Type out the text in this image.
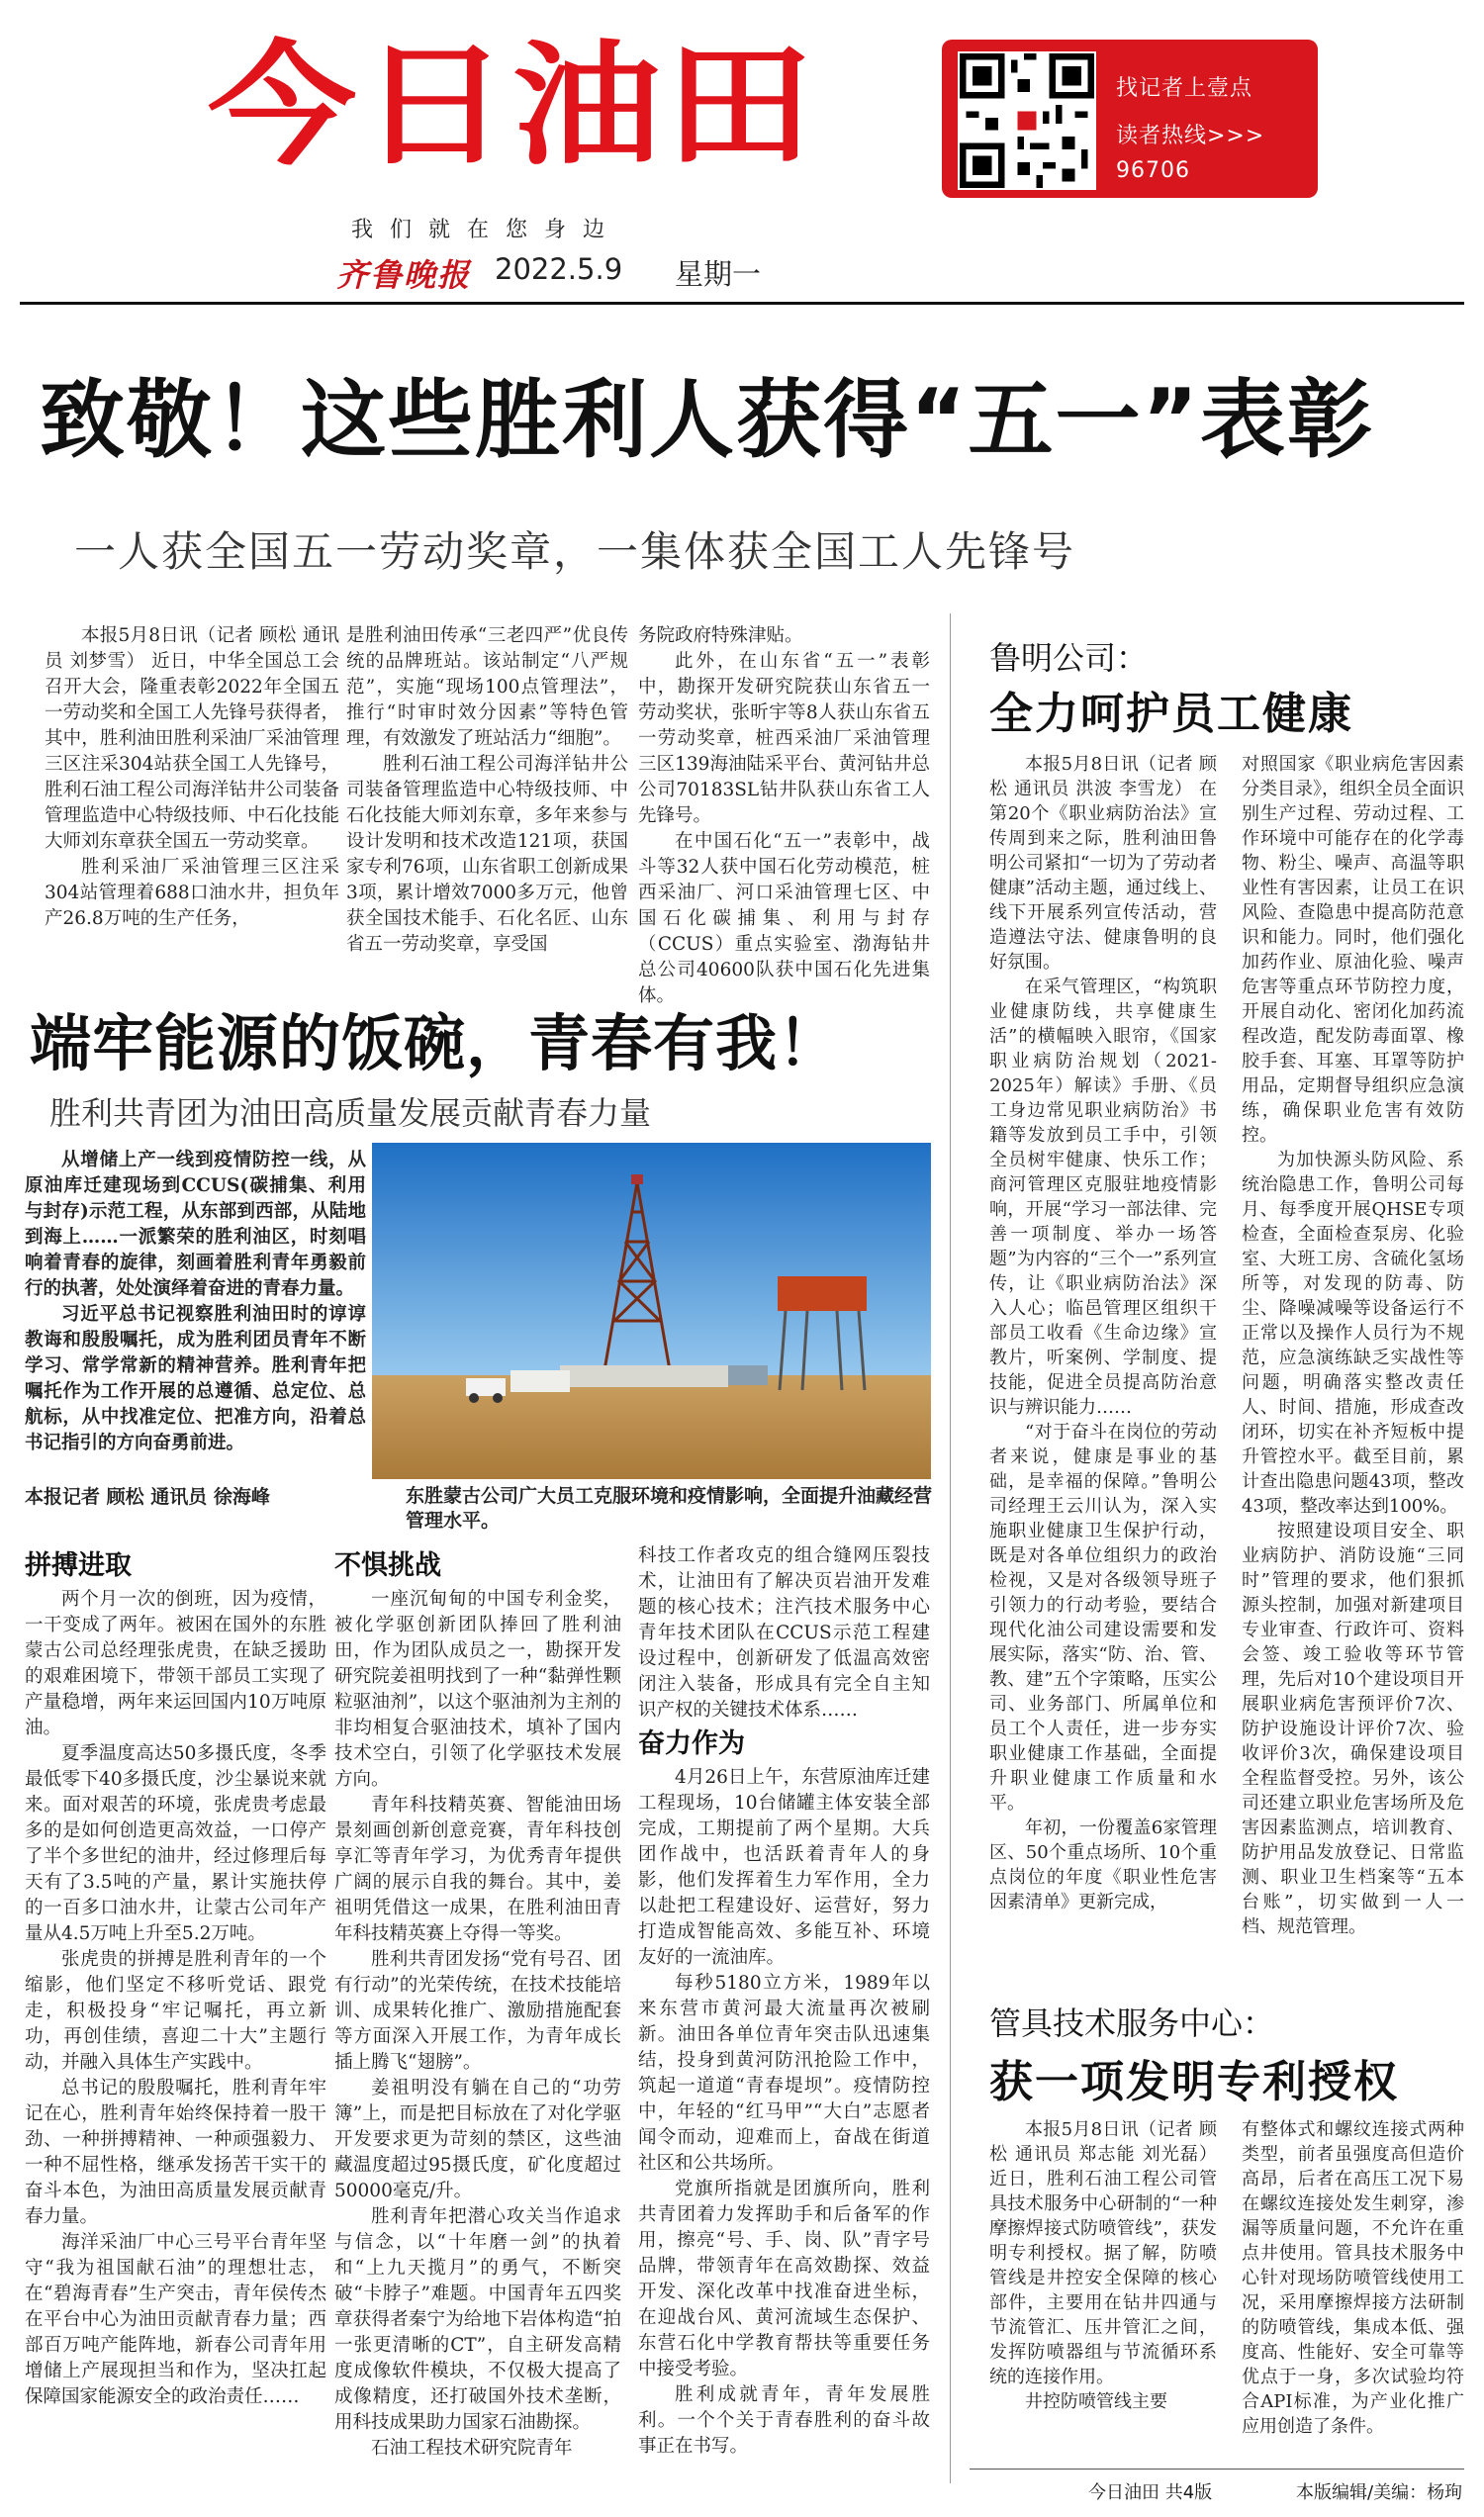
今日油田
我们就在您身边
齐鲁晚报 2022.5.9 星期一
找记者上壹点
读者热线>>>
96706
致敬！这些胜利人获得“五一”表彰
一人获全国五一劳动奖章，一集体获全国工人先锋号

本报5月8日讯（记者 顾松 通讯员 刘梦雪） 近日，中华全国总工会召开大会，隆重表彰2022年全国五一劳动奖和全国工人先锋号获得者，其中，胜利油田胜利采油厂采油管理三区注采304站获全国工人先锋号，胜利石油工程公司海洋钻井公司装备管理监造中心特级技师、中石化技能大师刘东章获全国五一劳动奖章。

胜利采油厂采油管理三区注采304站管理着688口油水井，担负年产26.8万吨的生产任务，

是胜利油田传承“三老四严”优良传统的品牌班站。该站制定“八严规范”，实施“现场100点管理法”，推行“时审时效分因素”等特色管理，有效激发了班站活力“细胞”。

胜利石油工程公司海洋钻井公司装备管理监造中心特级技师、中石化技能大师刘东章，多年来参与设计发明和技术改造121项，获国家专利76项，山东省职工创新成果3项，累计增效7000多万元，他曾获全国技术能手、石化名匠、山东省五一劳动奖章，享受国

务院政府特殊津贴。

此外，在山东省“五一”表彰中，勘探开发研究院获山东省五一劳动奖状，张昕宇等8人获山东省五一劳动奖章，桩西采油厂采油管理三区139海油陆采平台、黄河钻井总公司70183SL钻井队获山东省工人先锋号。

在中国石化“五一”表彰中，战斗等32人获中国石化劳动模范，桩西采油厂、河口采油管理七区、中国石化碳捕集、利用与封存（CCUS）重点实验室、渤海钻井总公司40600队获中国石化先进集体。

端牢能源的饭碗，青春有我！
胜利共青团为油田高质量发展贡献青春力量

从增储上产一线到疫情防控一线，从原油库迁建现场到CCUS(碳捕集、利用与封存)示范工程，从东部到西部，从陆地到海上……一派繁荣的胜利油区，时刻唱响着青春的旋律，刻画着胜利青年勇毅前行的执著，处处演绎着奋进的青春力量。

习近平总书记视察胜利油田时的谆谆教诲和殷殷嘱托，成为胜利团员青年不断学习、常学常新的精神营养。胜利青年把嘱托作为工作开展的总遵循、总定位、总航标，从中找准定位、把准方向，沿着总书记指引的方向奋勇前进。

本报记者 顾松 通讯员 徐海峰	东胜蒙古公司广大员工克服环境和疫情影响，全面提升油藏经营管理水平。
拼搏进取

两个月一次的倒班，因为疫情，一干变成了两年。被困在国外的东胜蒙古公司总经理张虎贵，在缺乏援助的艰难困境下，带领干部员工实现了产量稳增，两年来运回国内10万吨原油。

夏季温度高达50多摄氏度，冬季最低零下40多摄氏度，沙尘暴说来就来。面对艰苦的环境，张虎贵考虑最多的是如何创造更高效益，一口停产了半个多世纪的油井，经过修理后每天有了3.5吨的产量，累计实施扶停的一百多口油水井，让蒙古公司年产量从4.5万吨上升至5.2万吨。

张虎贵的拼搏是胜利青年的一个缩影，他们坚定不移听党话、跟党走，积极投身“牢记嘱托，再立新功，再创佳绩，喜迎二十大”主题行动，并融入具体生产实践中。

总书记的殷殷嘱托，胜利青年牢记在心，胜利青年始终保持着一股干劲、一种拼搏精神、一种顽强毅力、一种不屈性格，继承发扬苦干实干的奋斗本色，为油田高质量发展贡献青春力量。

海洋采油厂中心三号平台青年坚守“我为祖国献石油”的理想壮志，在“碧海青春”生产突击，青年侯传杰在平台中心为油田贡献青春力量；西部百万吨产能阵地，新春公司青年用增储上产展现担当和作为，坚决扛起保障国家能源安全的政治责任……

不惧挑战

一座沉甸甸的中国专利金奖，被化学驱创新团队捧回了胜利油田，作为团队成员之一，勘探开发研究院姜祖明找到了一种“黏弹性颗粒驱油剂”，以这个驱油剂为主剂的非均相复合驱油技术，填补了国内技术空白，引领了化学驱技术发展方向。

青年科技精英赛、智能油田场景刻画创新创意竞赛，青年科技创享汇等青年学习，为优秀青年提供广阔的展示自我的舞台。其中，姜祖明凭借这一成果，在胜利油田青年科技精英赛上夺得一等奖。

胜利共青团发扬“党有号召、团有行动”的光荣传统，在技术技能培训、成果转化推广、激励措施配套等方面深入开展工作，为青年成长插上腾飞“翅膀”。

姜祖明没有躺在自己的“功劳簿”上，而是把目标放在了对化学驱开发要求更为苛刻的禁区，这些油藏温度超过95摄氏度，矿化度超过50000毫克/升。

胜利青年把潜心攻关当作追求与信念，以“十年磨一剑”的执着和“上九天揽月”的勇气，不断突破“卡脖子”难题。中国青年五四奖章获得者秦宁为给地下岩体构造“拍一张更清晰的CT”，自主研发高精度成像软件模块，不仅极大提高了成像精度，还打破国外技术垄断，用科技成果助力国家石油勘探。

石油工程技术研究院青年

科技工作者攻克的组合缝网压裂技术，让油田有了解决页岩油开发难题的核心技术；注汽技术服务中心青年技术团队在CCUS示范工程建设过程中，创新研发了低温高效密闭注入装备，形成具有完全自主知识产权的关键技术体系……

奋力作为

4月26日上午，东营原油库迁建工程现场，10台储罐主体安装全部完成，工期提前了两个星期。大兵团作战中，也活跃着青年人的身影，他们发挥着生力军作用，全力以赴把工程建设好、运营好，努力打造成智能高效、多能互补、环境友好的一流油库。

每秒5180立方米，1989年以来东营市黄河最大流量再次被刷新。油田各单位青年突击队迅速集结，投身到黄河防汛抢险工作中，筑起一道道“青春堤坝”。疫情防控中，年轻的“红马甲”“大白”志愿者闻令而动，迎难而上，奋战在街道社区和公共场所。

党旗所指就是团旗所向，胜利共青团着力发挥助手和后备军的作用，擦亮“号、手、岗、队”青字号品牌，带领青年在高效勘探、效益开发、深化改革中找准奋进坐标，在迎战台风、黄河流域生态保护、东营石化中学教育帮扶等重要任务中接受考验。

胜利成就青年，青年发展胜利。一个个关于青春胜利的奋斗故事正在书写。

鲁明公司：
全力呵护员工健康

本报5月8日讯（记者 顾松 通讯员 洪波 李雪龙） 在第20个《职业病防治法》宣传周到来之际，胜利油田鲁明公司紧扣“一切为了劳动者健康”活动主题，通过线上、线下开展系列宣传活动，营造遵法守法、健康鲁明的良好氛围。

在采气管理区，“构筑职业健康防线，共享健康生活”的横幅映入眼帘，《国家职业病防治规划（2021-2025年）解读》手册、《员工身边常见职业病防治》书籍等发放到员工手中，引领全员树牢健康、快乐工作；商河管理区克服驻地疫情影响，开展“学习一部法律、完善一项制度、举办一场答题”为内容的“三个一”系列宣传，让《职业病防治法》深入人心；临邑管理区组织干部员工收看《生命边缘》宣教片，听案例、学制度、提技能，促进全员提高防治意识与辨识能力……

“对于奋斗在岗位的劳动者来说，健康是事业的基础，是幸福的保障。”鲁明公司经理王云川认为，深入实施职业健康卫生保护行动，既是对各单位组织力的政治检视，又是对各级领导班子引领力的行动考验，要结合现代化油公司建设需要和发展实际，落实“防、治、管、教、建”五个字策略，压实公司、业务部门、所属单位和员工个人责任，进一步夯实职业健康工作基础，全面提升职业健康工作质量和水平。

年初，一份覆盖6家管理区、50个重点场所、10个重点岗位的年度《职业性危害因素清单》更新完成，

对照国家《职业病危害因素分类目录》，组织全员全面识别生产过程、劳动过程、工作环境中可能存在的化学毒物、粉尘、噪声、高温等职业性有害因素，让员工在识风险、查隐患中提高防范意识和能力。同时，他们强化加药作业、原油化验、噪声危害等重点环节防控力度，开展自动化、密闭化加药流程改造，配发防毒面罩、橡胶手套、耳塞、耳罩等防护用品，定期督导组织应急演练，确保职业危害有效防控。

为加快源头防风险、系统治隐患工作，鲁明公司每月、每季度开展QHSE专项检查，全面检查泵房、化验室、大班工房、含硫化氢场所等，对发现的防毒、防尘、降噪减噪等设备运行不正常以及操作人员行为不规范，应急演练缺乏实战性等问题，明确落实整改责任人、时间、措施，形成查改闭环，切实在补齐短板中提升管控水平。截至目前，累计查出隐患问题43项，整改43项，整改率达到100%。

按照建设项目安全、职业病防护、消防设施“三同时”管理的要求，他们狠抓源头控制，加强对新建项目专业审查、行政许可、资料会签、竣工验收等环节管理，先后对10个建设项目开展职业病危害预评价7次、防护设施设计评价7次、验收评价3次，确保建设项目全程监督受控。另外，该公司还建立职业危害场所及危害因素监测点，培训教育、防护用品发放登记、日常监测、职业卫生档案等“五本台账”，切实做到一人一档、规范管理。

管具技术服务中心：
获一项发明专利授权

本报5月8日讯（记者 顾松 通讯员 郑志能 刘光磊） 近日，胜利石油工程公司管具技术服务中心研制的“一种摩擦焊接式防喷管线”，获发明专利授权。据了解，防喷管线是井控安全保障的核心部件，主要用在钻井四通与节流管汇、压井管汇之间，发挥防喷器组与节流循环系统的连接作用。

井控防喷管线主要

有整体式和螺纹连接式两种类型，前者虽强度高但造价高昂，后者在高压工况下易在螺纹连接处发生刺穿，渗漏等质量问题，不允许在重点井使用。管具技术服务中心针对现场防喷管线使用工况，采用摩擦焊接方法研制的防喷管线，集成本低、强度高、性能好、安全可靠等优点于一身，多次试验均符合API标准，为产业化推广应用创造了条件。

今日油田 共4版	本版编辑/美编：杨珣
